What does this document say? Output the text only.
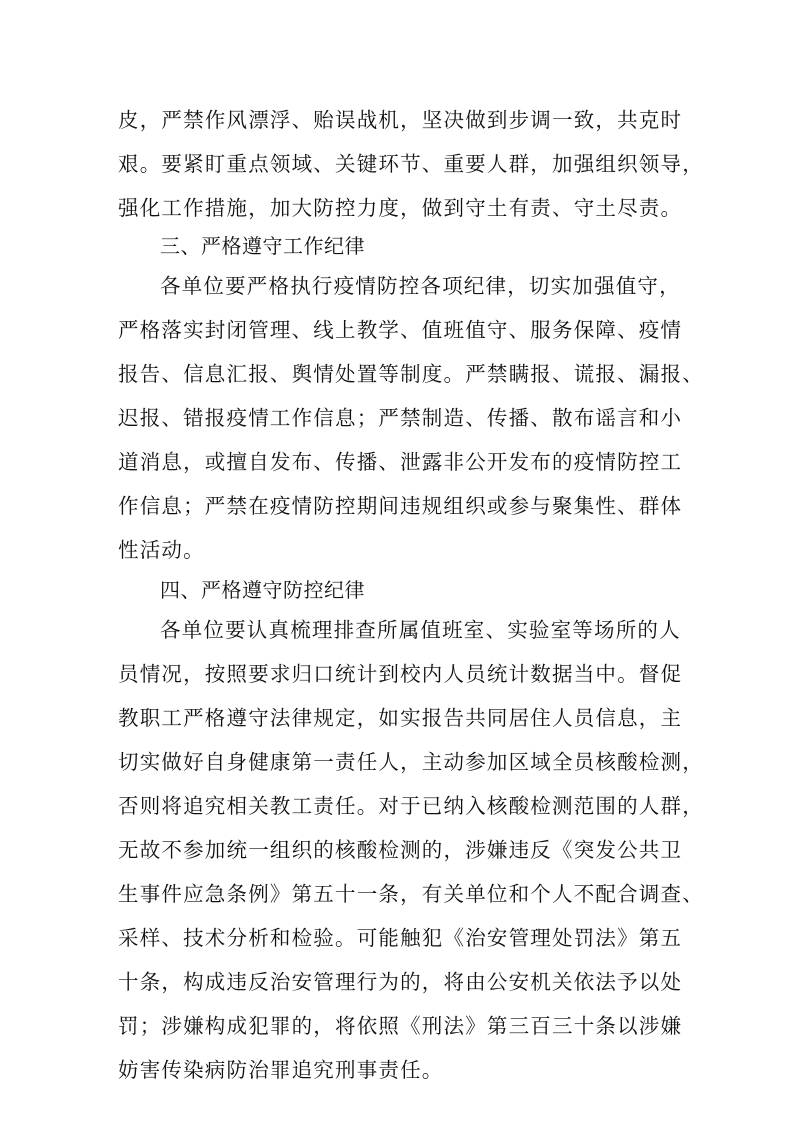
皮，严禁作风漂浮、贻误战机，坚决做到步调一致，共克时
艰。要紧盯重点领域、关键环节、重要人群，加强组织领导，
强化工作措施，加大防控力度，做到守土有责、守土尽责。
三、严格遵守工作纪律
各单位要严格执行疫情防控各项纪律，切实加强值守，
严格落实封闭管理、线上教学、值班值守、服务保障、疫情
报告、信息汇报、舆情处置等制度。严禁瞒报、谎报、漏报、
迟报、错报疫情工作信息；严禁制造、传播、散布谣言和小
道消息，或擅自发布、传播、泄露非公开发布的疫情防控工
作信息；严禁在疫情防控期间违规组织或参与聚集性、群体
性活动。
四、严格遵守防控纪律
各单位要认真梳理排查所属值班室、实验室等场所的人
员情况，按照要求归口统计到校内人员统计数据当中。督促
教职工严格遵守法律规定，如实报告共同居住人员信息，主
切实做好自身健康第一责任人，主动参加区域全员核酸检测，
否则将追究相关教工责任。对于已纳入核酸检测范围的人群，
无故不参加统一组织的核酸检测的，涉嫌违反《突发公共卫
生事件应急条例》第五十一条，有关单位和个人不配合调查、
采样、技术分析和检验。可能触犯《治安管理处罚法》第五
十条，构成违反治安管理行为的，将由公安机关依法予以处
罚；涉嫌构成犯罪的，将依照《刑法》第三百三十条以涉嫌
妨害传染病防治罪追究刑事责任。
